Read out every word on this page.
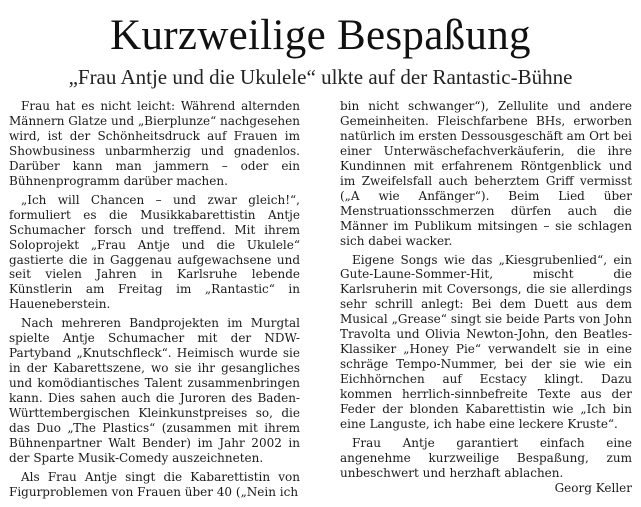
Kurzweilige Bespaßung
„Frau Antje und die Ukulele“ ulkte auf der Rantastic-Bühne

Frau hat es nicht leicht: Während alternden Männern Glatze und „Bierplunze“ nachgesehen wird, ist der Schönheitsdruck auf Frauen im Showbusiness unbarmherzig und gnadenlos. Darüber kann man jammern – oder ein Bühnenprogramm darüber machen.

„Ich will Chancen – und zwar gleich!“, formuliert es die Musikkabarettistin Antje Schumacher forsch und treffend. Mit ihrem Soloprojekt „Frau Antje und die Ukulele“ gastierte die in Gaggenau aufgewachsene und seit vielen Jahren in Karlsruhe lebende Künstlerin am Freitag im „Rantastic“ in Haueneberstein.

Nach mehreren Bandprojekten im Murgtal spielte Antje Schumacher mit der NDW-Partyband „Knutschfleck“. Heimisch wurde sie in der Kabarettszene, wo sie ihr gesangliches und komödiantisches Talent zusammenbringen kann. Dies sahen auch die Juroren des Baden-Württembergischen Kleinkunstpreises so, die das Duo „The Plastics“ (zusammen mit ihrem Bühnenpartner Walt Bender) im Jahr 2002 in der Sparte Musik-Comedy auszeichneten.

Als Frau Antje singt die Kabarettistin von Figurproblemen von Frauen über 40 („Nein ich

bin nicht schwanger“), Zellulite und andere Gemeinheiten. Fleischfarbene BHs, erworben natürlich im ersten Dessousgeschäft am Ort bei einer Unterwäschefachverkäuferin, die ihre Kundinnen mit erfahrenem Röntgenblick und im Zweifelsfall auch beherztem Griff vermisst („A wie Anfänger“). Beim Lied über Menstruationsschmerzen dürfen auch die Männer im Publikum mitsingen – sie schlagen sich dabei wacker.

Eigene Songs wie das „Kiesgrubenlied“, ein Gute-Laune-Sommer-Hit, mischt die Karlsruherin mit Coversongs, die sie allerdings sehr schrill anlegt: Bei dem Duett aus dem Musical „Grease“ singt sie beide Parts von John Travolta und Olivia Newton-John, den Beatles-Klassiker „Honey Pie“ verwandelt sie in eine schräge Tempo-Nummer, bei der sie wie ein Eichhörnchen auf Ecstacy klingt. Dazu kommen herrlich-sinnbefreite Texte aus der Feder der blonden Kabarettistin wie „Ich bin eine Languste, ich habe eine leckere Kruste“.

Frau Antje garantiert einfach eine angenehme kurzweilige Bespaßung, zum unbeschwert und herzhaft ablachen.
Georg Keller
